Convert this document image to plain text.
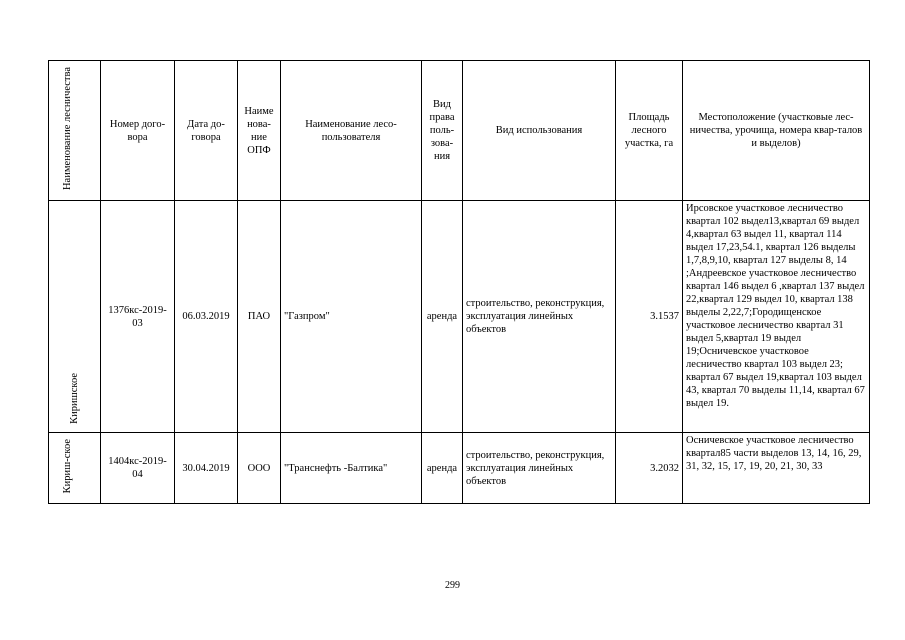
Наименование лесничества	Номер дого-вора	Дата до-говора	Наиме нова-ние ОПФ	Наименование лесо-пользователя	Вид права поль-зова-ния	Вид использования	Площадь лесного участка, га	Местоположение (участковые лес-ничества, урочища, номера квар-талов и выделов)
Киришское	1376кс-2019-03	06.03.2019	ПАО	"Газпром"	аренда	строительство, реконструкция, эксплуатация линейных объектов	3.1537	Ирсовское участковое лесничество квартал 102 выдел13,квартал 69 выдел 4,квартал 63 выдел 11, квартал 114 выдел 17,23,54.1, квартал 126 выделы 1,7,8,9,10, квартал 127 выделы 8, 14 ;Андреевское участковое лесничество квартал 146 выдел 6 ,квартал 137 выдел 22,квартал 129 выдел 10, квартал 138 выделы 2,22,7;Городищенское участковое лесничество квартал 31 выдел 5,квартал 19 выдел 19;Осничевское участковое лесничество квартал 103 выдел 23; квартал 67 выдел 19,квартал 103 выдел 43, квартал 70 выделы 11,14, квартал 67 выдел 19.
Кириш-ское	1404кс-2019-04	30.04.2019	ООО	"Транснефть -Балтика"	аренда	строительство, реконструкция, эксплуатация линейных объектов	3.2032	Осничевское участковое лесничество квартал85 части выделов 13, 14, 16, 29, 31, 32, 15, 17, 19, 20, 21, 30, 33
299
